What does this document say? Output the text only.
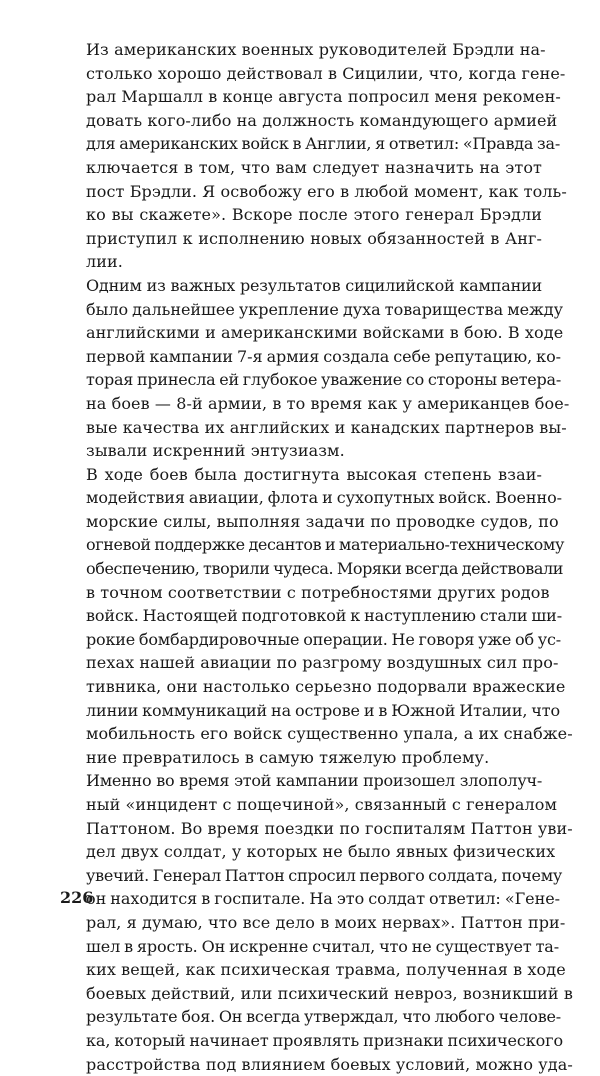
Из американских военных руководителей Брэдли на-
столько хорошо действовал в Сицилии, что, когда гене-
рал Маршалл в конце августа попросил меня рекомен-
довать кого-либо на должность командующего армией
для американских войск в Англии, я ответил: «Правда за-
ключается в том, что вам следует назначить на этот
пост Брэдли. Я освобожу его в любой момент, как толь-
ко вы скажете». Вскоре после этого генерал Брэдли
приступил к исполнению новых обязанностей в Анг-
лии.
Одним из важных результатов сицилийской кампании
было дальнейшее укрепление духа товарищества между
английскими и американскими войсками в бою. В ходе
первой кампании 7-я армия создала себе репутацию, ко-
торая принесла ей глубокое уважение со стороны ветера-
на боев — 8-й армии, в то время как у американцев бое-
вые качества их английских и канадских партнеров вы-
зывали искренний энтузиазм.
В ходе боев была достигнута высокая степень взаи-
модействия авиации, флота и сухопутных войск. Военно-
морские силы, выполняя задачи по проводке судов, по
огневой поддержке десантов и материально-техническому
обеспечению, творили чудеса. Моряки всегда действовали
в точном соответствии с потребностями других родов
войск. Настоящей подготовкой к наступлению стали ши-
рокие бомбардировочные операции. Не говоря уже об ус-
пехах нашей авиации по разгрому воздушных сил про-
тивника, они настолько серьезно подорвали вражеские
линии коммуникаций на острове и в Южной Италии, что
мобильность его войск существенно упала, а их снабже-
ние превратилось в самую тяжелую проблему.
Именно во время этой кампании произошел злополуч-
ный «инцидент с пощечиной», связанный с генералом
Паттоном. Во время поездки по госпиталям Паттон уви-
дел двух солдат, у которых не было явных физических
увечий. Генерал Паттон спросил первого солдата, почему
он находится в госпитале. На это солдат ответил: «Гене-
рал, я думаю, что все дело в моих нервах». Паттон при-
шел в ярость. Он искренне считал, что не существует та-
ких вещей, как психическая травма, полученная в ходе
боевых действий, или психический невроз, возникший в
результате боя. Он всегда утверждал, что любого челове-
ка, который начинает проявлять признаки психического
расстройства под влиянием боевых условий, можно уда-
226
